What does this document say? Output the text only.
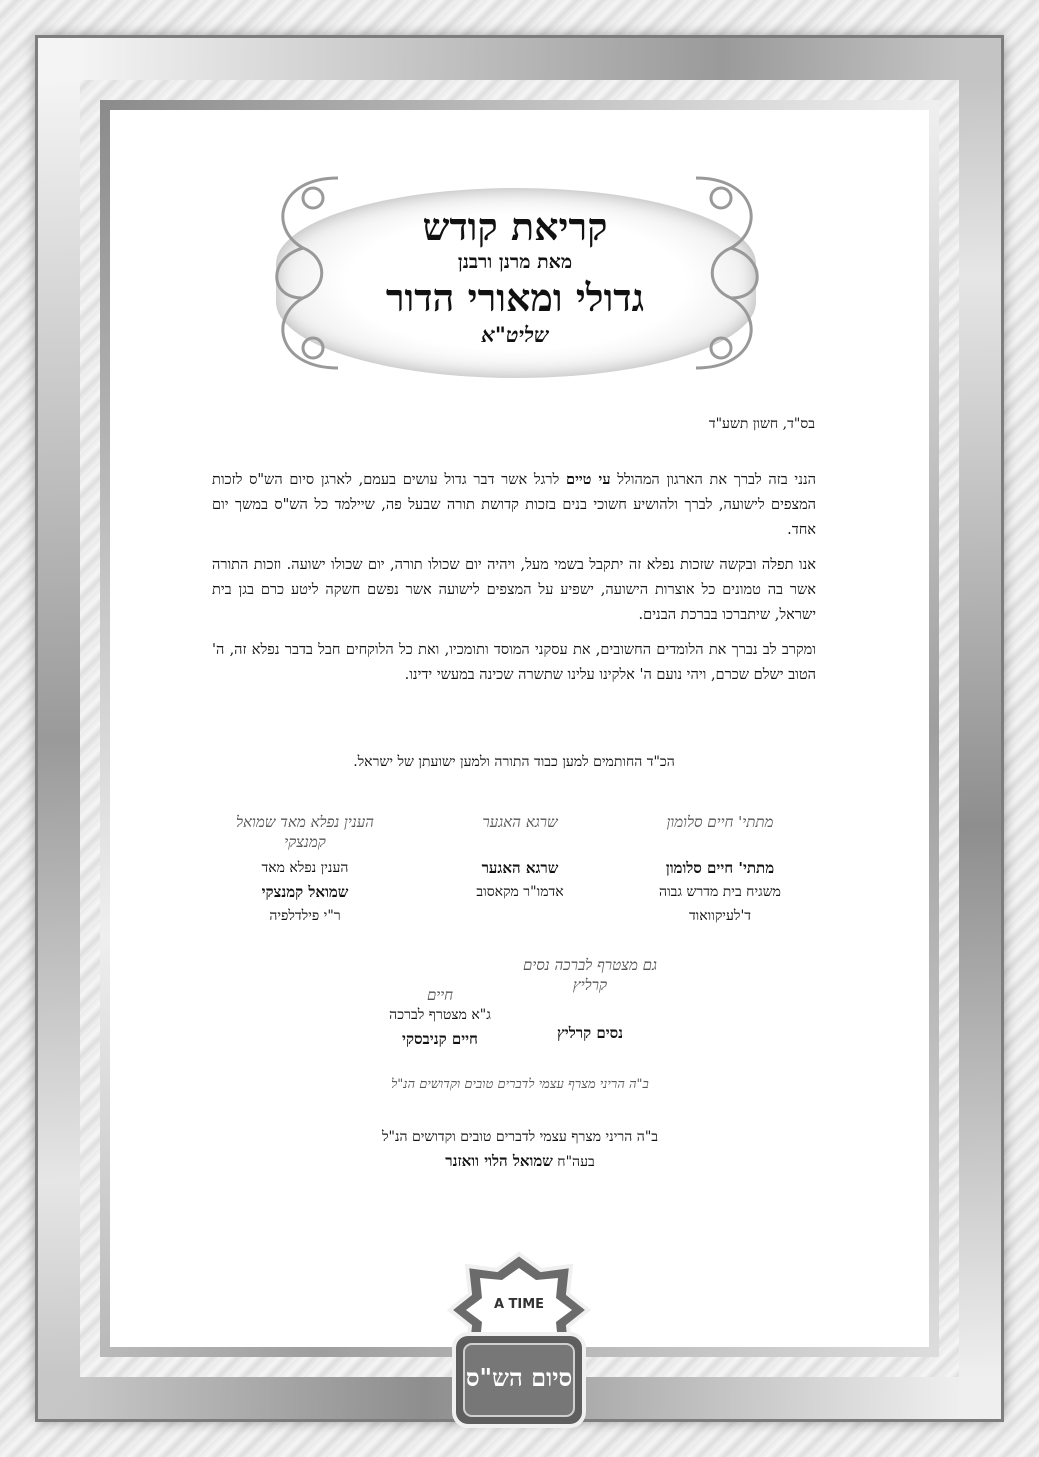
קריאת קודש
מאת מרנן ורבנן
גדולי ומאורי הדור
שליט"א
בס"ד, חשון תשע"ד

הנני בזה לברך את הארגון המהולל עי טיים לרגל אשר דבר גדול עושים בעמם, לארגן סיום הש"ס לזכות המצפים לישועה, לברך ולהושיע חשוכי בנים בזכות קדושת תורה שבעל פה, שיילמד כל הש"ס במשך יום אחד.

אנו תפלה ובקשה שזכות נפלא זה יתקבל בשמי מעל, ויהיה יום שכולו תורה, יום שכולו ישועה. וזכות התורה אשר בה טמונים כל אוצרות הישועה, ישפיע על המצפים לישועה אשר נפשם חשקה ליטע כרם בגן בית ישראל, שיתברכו בברכת הבנים.

ומקרב לב נברך את הלומדים החשובים, את עסקני המוסד ותומכיו, ואת כל הלוקחים חבל בדבר נפלא זה, ה' הטוב ישלם שכרם, ויהי נועם ה' אלקינו עלינו שתשרה שכינה במעשי ידינו.

הכ"ד החותמים למען כבוד התורה ולמען ישועתן של ישראל.
מתתי' חיים סלומון
מתתי' חיים סלומון
משגיח בית מדרש גבוה
ד'לעיקוואוד
שרגא האגער
שרגא האגער
אדמו"ר מקאסוב
הענין נפלא מאד שמואל קמנצקי
הענין נפלא מאד
שמואל קמנצקי
ר"י פילדלפיה
גם מצטרף לברכה נסים קרליץ
נסים קרליץ
חיים
ג"א מצטרף לברכה
חיים קניבסקי
ב"ה הריני מצרף עצמי לדברים טובים וקדושים הנ"ל
ב"ה הריני מצרף עצמי לדברים טובים וקדושים הנ"ל
בעה"ח שמואל הלוי וואזנר
A TIME
סיום הש"ס
